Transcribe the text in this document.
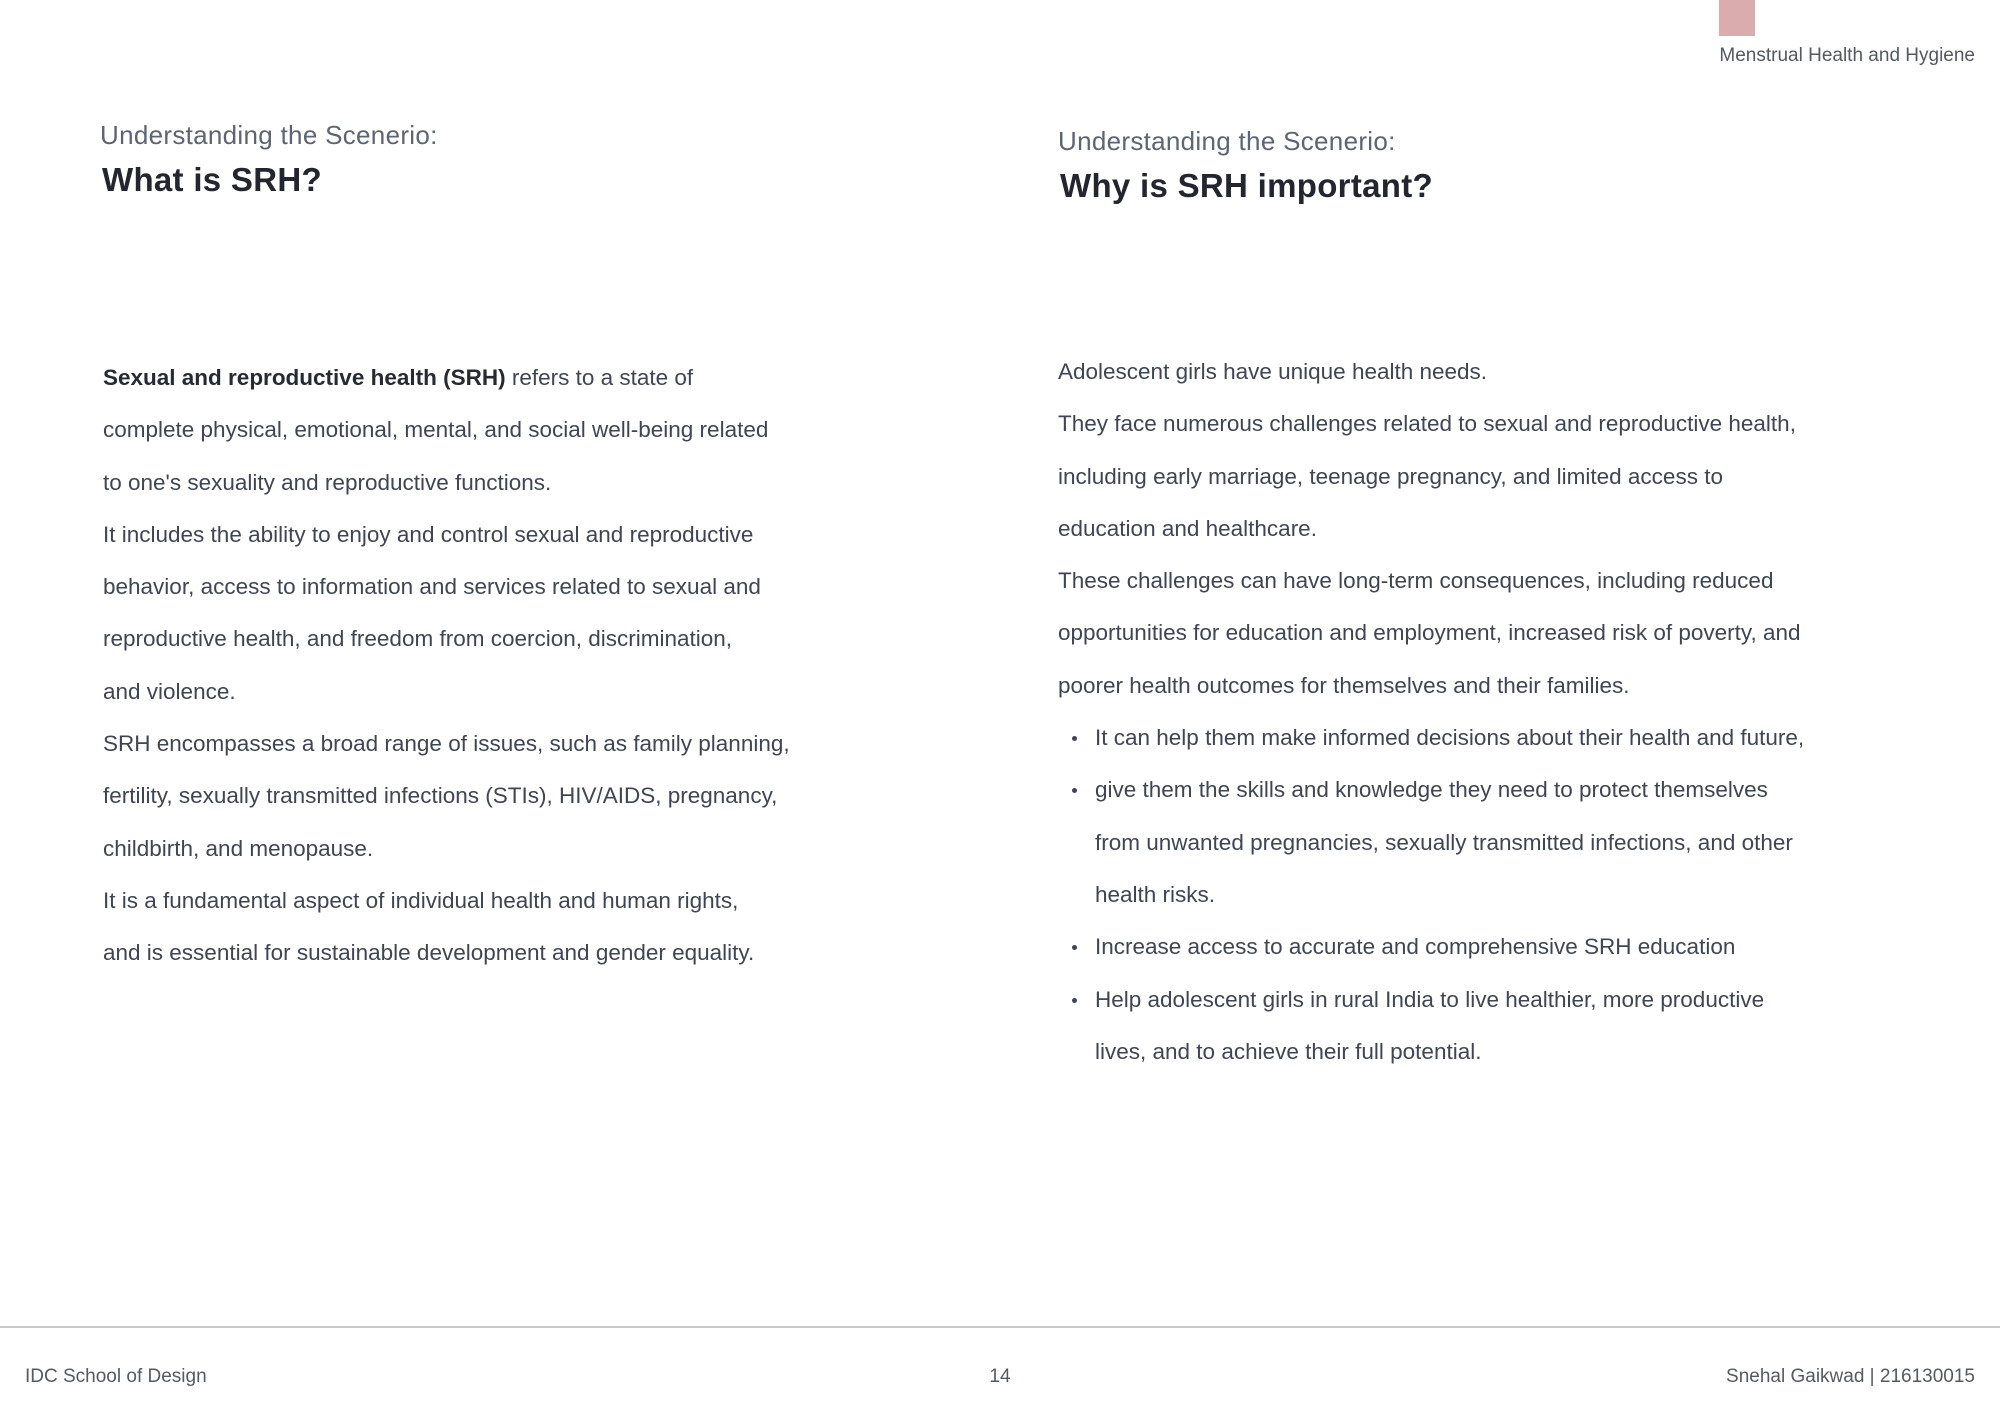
Menstrual Health and Hygiene
Understanding the Scenerio:
What is SRH?
Understanding the Scenerio:
Why is SRH important?
Sexual and reproductive health (SRH) refers to a state of
complete physical, emotional, mental, and social well-being related
to one's sexuality and reproductive functions.
It includes the ability to enjoy and control sexual and reproductive
behavior, access to information and services related to sexual and
reproductive health, and freedom from coercion, discrimination,
and violence.
SRH encompasses a broad range of issues, such as family planning,
fertility, sexually transmitted infections (STIs), HIV/AIDS, pregnancy,
childbirth, and menopause.
It is a fundamental aspect of individual health and human rights,
and is essential for sustainable development and gender equality.
Adolescent girls have unique health needs.
They face numerous challenges related to sexual and reproductive health,
including early marriage, teenage pregnancy, and limited access to
education and healthcare.
These challenges can have long-term consequences, including reduced
opportunities for education and employment, increased risk of poverty, and
poorer health outcomes for themselves and their families.
It can help them make informed decisions about their health and future,
give them the skills and knowledge they need to protect themselves
from unwanted pregnancies, sexually transmitted infections, and other
health risks.
Increase access to accurate and comprehensive SRH education
Help adolescent girls in rural India to live healthier, more productive
lives, and to achieve their full potential.
IDC School of Design	14	Snehal Gaikwad | 216130015
